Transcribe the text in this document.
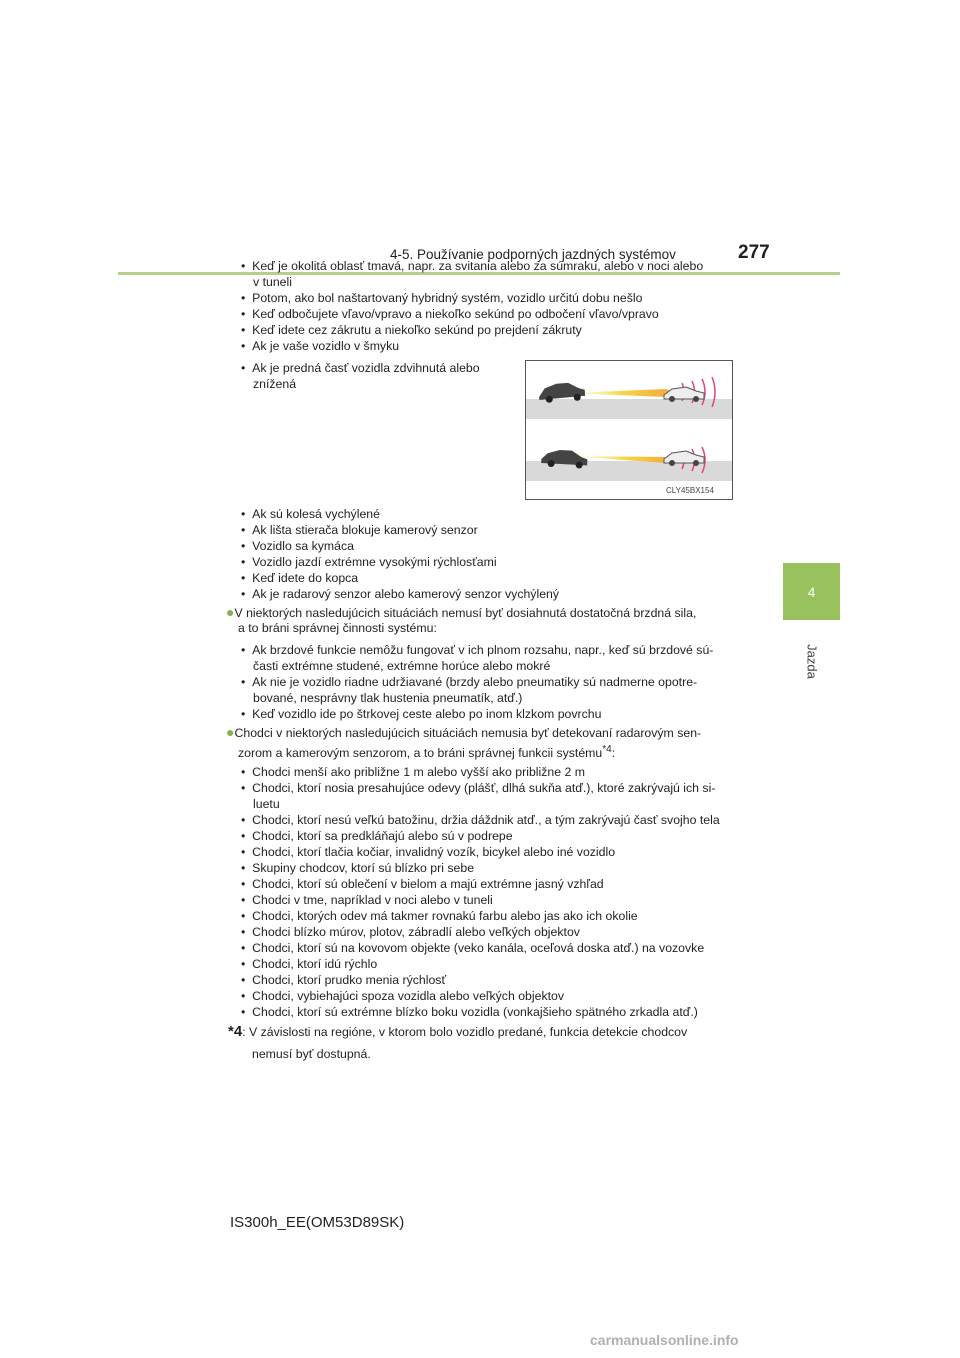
4-5. Používanie podporných jazdných systémov	277
4
Jazda
•  Keď je okolitá oblasť tmavá, napr. za svitania alebo za súmraku, alebo v noci alebo
v tuneli
•  Potom, ako bol naštartovaný hybridný systém, vozidlo určitú dobu nešlo
•  Keď odbočujete vľavo/vpravo a niekoľko sekúnd po odbočení vľavo/vpravo
•  Keď idete cez zákrutu a niekoľko sekúnd po prejdení zákruty
•  Ak je vaše vozidlo v šmyku
•  Ak je predná časť vozidla zdvihnutá alebo
znížená
CLY45BX154
•  Ak sú kolesá vychýlené
•  Ak lišta stierača blokuje kamerový senzor
•  Vozidlo sa kymáca
•  Vozidlo jazdí extrémne vysokými rýchlosťami
•  Keď idete do kopca
•  Ak je radarový senzor alebo kamerový senzor vychýlený
●V niektorých nasledujúcich situáciách nemusí byť dosiahnutá dostatočná brzdná sila,
a to bráni správnej činnosti systému:
•  Ak brzdové funkcie nemôžu fungovať v ich plnom rozsahu, napr., keď sú brzdové sú-
časti extrémne studené, extrémne horúce alebo mokré
•  Ak nie je vozidlo riadne udržiavané (brzdy alebo pneumatiky sú nadmerne opotre-
bované, nesprávny tlak hustenia pneumatík, atď.)
•  Keď vozidlo ide po štrkovej ceste alebo po inom klzkom povrchu
●Chodci v niektorých nasledujúcich situáciách nemusia byť detekovaní radarovým sen-
zorom a kamerovým senzorom, a to bráni správnej funkcii systému$^{*4}$:
•  Chodci menší ako približne 1 m alebo vyšší ako približne 2 m
•  Chodci, ktorí nosia presahujúce odevy (plášť, dlhá sukňa atď.), ktoré zakrývajú ich si-
luetu
•  Chodci, ktorí nesú veľkú batožinu, držia dáždnik atď., a tým zakrývajú časť svojho tela
•  Chodci, ktorí sa predkláňajú alebo sú v podrepe
•  Chodci, ktorí tlačia kočiar, invalidný vozík, bicykel alebo iné vozidlo
•  Skupiny chodcov, ktorí sú blízko pri sebe
•  Chodci, ktorí sú oblečení v bielom a majú extrémne jasný vzhľad
•  Chodci v tme, napríklad v noci alebo v tuneli
•  Chodci, ktorých odev má takmer rovnakú farbu alebo jas ako ich okolie
•  Chodci blízko múrov, plotov, zábradlí alebo veľkých objektov
•  Chodci, ktorí sú na kovovom objekte (veko kanála, oceľová doska atď.) na vozovke
•  Chodci, ktorí idú rýchlo
•  Chodci, ktorí prudko menia rýchlosť
•  Chodci, vybiehajúci spoza vozidla alebo veľkých objektov
•  Chodci, ktorí sú extrémne blízko boku vozidla (vonkajšieho spätného zrkadla atď.)
*4: V závislosti na regióne, v ktorom bolo vozidlo predané, funkcia detekcie chodcov
nemusí byť dostupná.
IS300h_EE(OM53D89SK)
carmanualsonline.info
